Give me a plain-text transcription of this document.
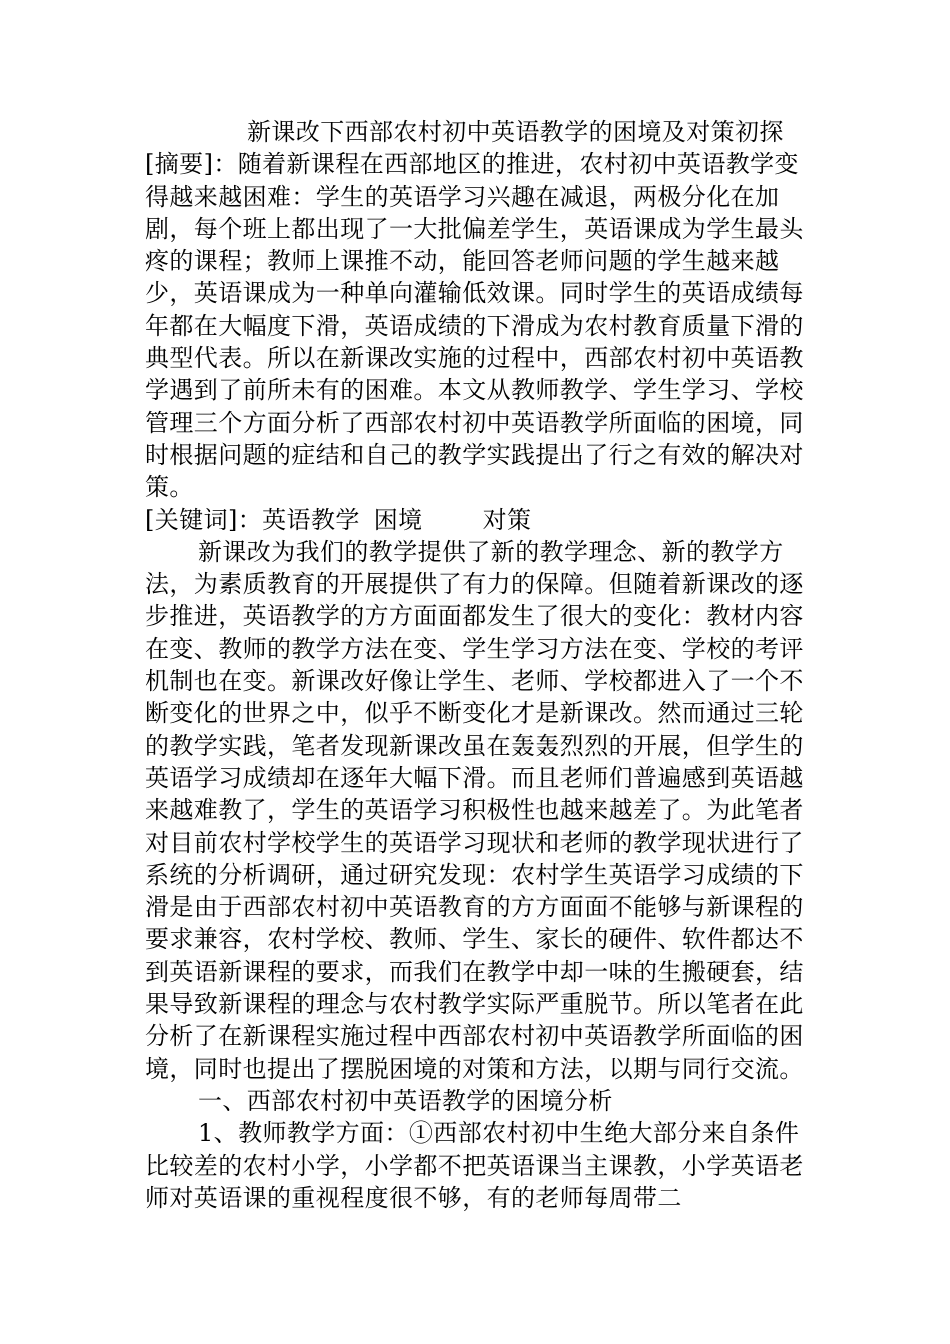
新课改下西部农村初中英语教学的困境及对策初探

[摘要]：随着新课程在西部地区的推进，农村初中英语教学变得越来越困难：学生的英语学习兴趣在减退，两极分化在加剧，每个班上都出现了一大批偏差学生，英语课成为学生最头疼的课程；教师上课推不动，能回答老师问题的学生越来越少，英语课成为一种单向灌输低效课。同时学生的英语成绩每年都在大幅度下滑，英语成绩的下滑成为农村教育质量下滑的典型代表。所以在新课改实施的过程中，西部农村初中英语教学遇到了前所未有的困难。本文从教师教学、学生学习、学校管理三个方面分析了西部农村初中英语教学所面临的困境，同时根据问题的症结和自己的教学实践提出了行之有效的解决对策。

[关键词]：英语教学 困境	对策

新课改为我们的教学提供了新的教学理念、新的教学方法，为素质教育的开展提供了有力的保障。但随着新课改的逐步推进，英语教学的方方面面都发生了很大的变化：教材内容在变、教师的教学方法在变、学生学习方法在变、学校的考评机制也在变。新课改好像让学生、老师、学校都进入了一个不断变化的世界之中，似乎不断变化才是新课改。然而通过三轮的教学实践，笔者发现新课改虽在轰轰烈烈的开展，但学生的英语学习成绩却在逐年大幅下滑。而且老师们普遍感到英语越来越难教了，学生的英语学习积极性也越来越差了。为此笔者对目前农村学校学生的英语学习现状和老师的教学现状进行了系统的分析调研，通过研究发现：农村学生英语学习成绩的下滑是由于西部农村初中英语教育的方方面面不能够与新课程的要求兼容，农村学校、教师、学生、家长的硬件、软件都达不到英语新课程的要求，而我们在教学中却一味的生搬硬套，结果导致新课程的理念与农村教学实际严重脱节。所以笔者在此分析了在新课程实施过程中西部农村初中英语教学所面临的困境，同时也提出了摆脱困境的对策和方法，以期与同行交流。

一、西部农村初中英语教学的困境分析

1、教师教学方面：①西部农村初中生绝大部分来自条件比较差的农村小学，小学都不把英语课当主课教，小学英语老师对英语课的重视程度很不够，有的老师每周带二
